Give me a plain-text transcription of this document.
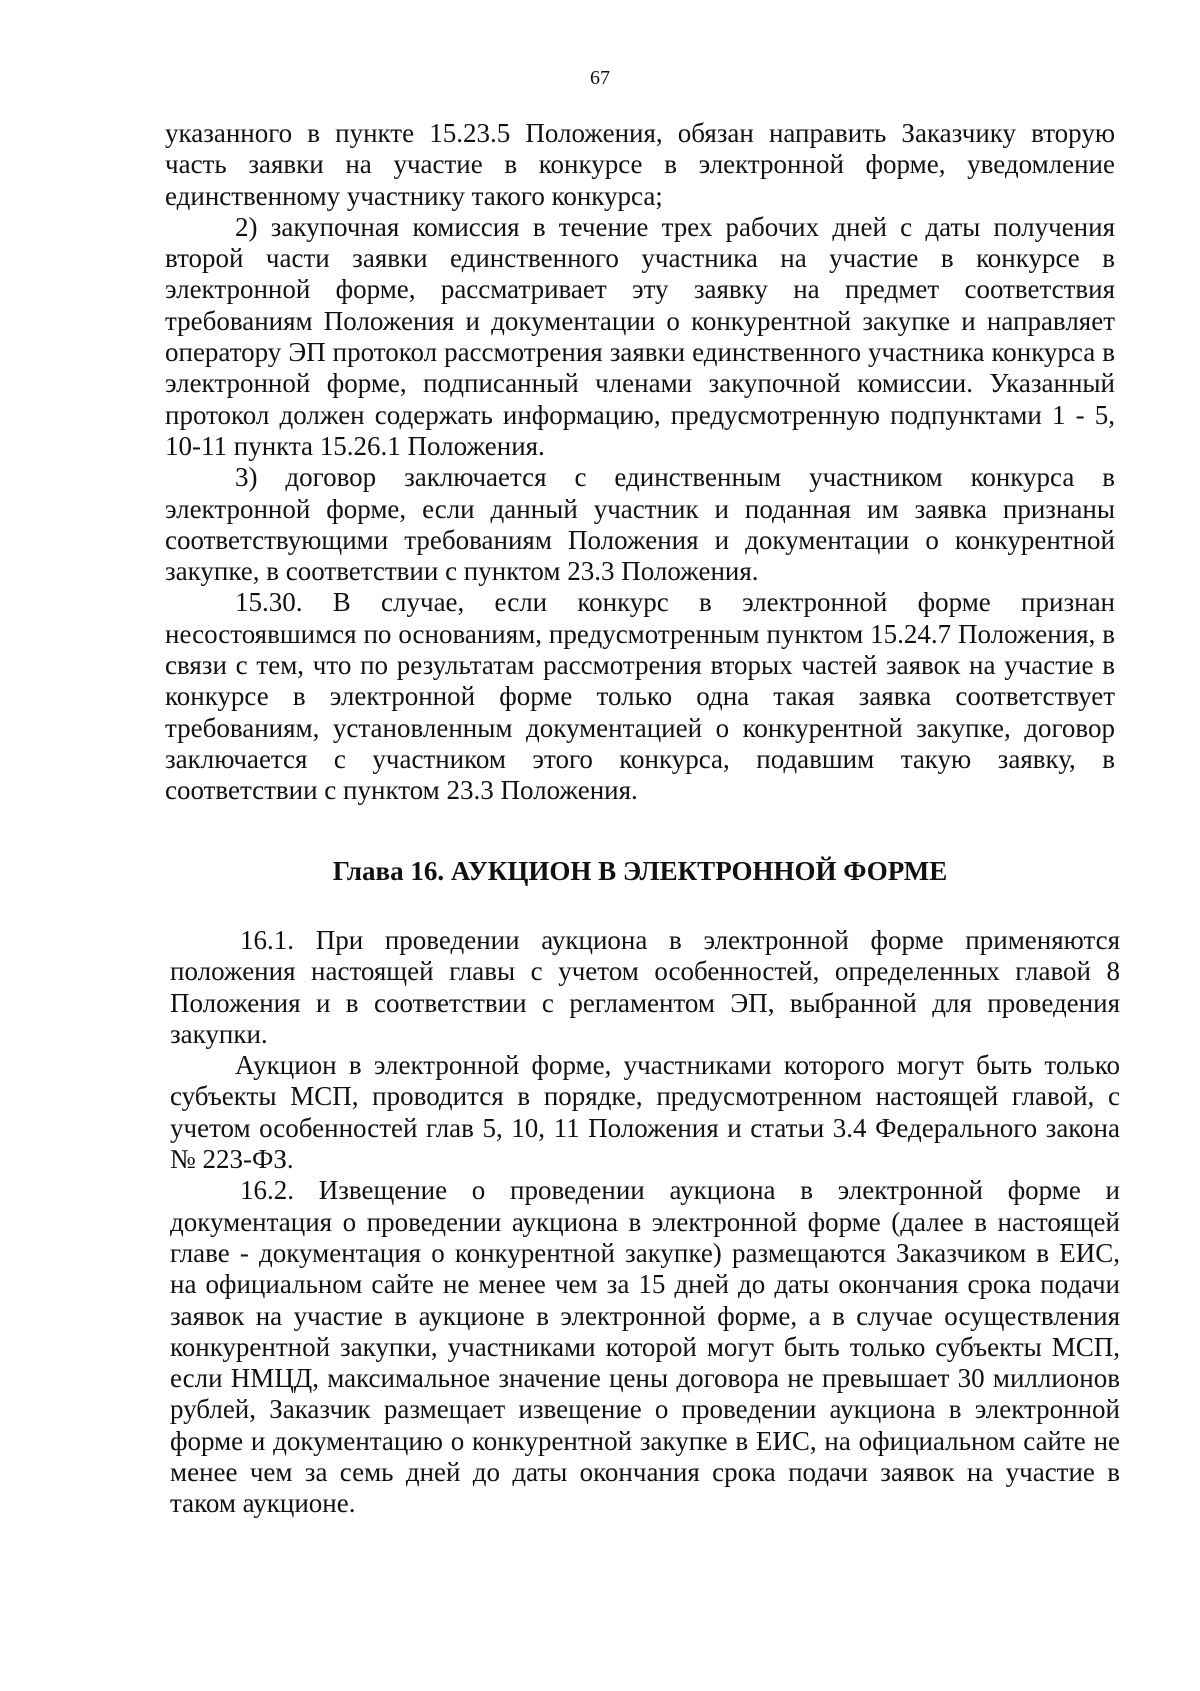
67

указанного в пункте 15.23.5 Положения, обязан направить Заказчику вторую часть заявки на участие в конкурсе в электронной форме, уведомление единственному участнику такого конкурса;

2) закупочная комиссия в течение трех рабочих дней с даты получения второй части заявки единственного участника на участие в конкурсе в электронной форме, рассматривает эту заявку на предмет соответствия требованиям Положения и документации о конкурентной закупке и направляет оператору ЭП протокол рассмотрения заявки единственного участника конкурса в электронной форме, подписанный членами закупочной комиссии. Указанный протокол должен содержать информацию, предусмотренную подпунктами 1 - 5, 10-11 пункта 15.26.1 Положения.

3) договор заключается с единственным участником конкурса в электронной форме, если данный участник и поданная им заявка признаны соответствующими требованиям Положения и документации о конкурентной закупке, в соответствии с пунктом 23.3 Положения.

15.30. В случае, если конкурс в электронной форме признан несостоявшимся по основаниям, предусмотренным пунктом 15.24.7 Положения, в связи с тем, что по результатам рассмотрения вторых частей заявок на участие в конкурсе в электронной форме только одна такая заявка соответствует требованиям, установленным документацией о конкурентной закупке, договор заключается с участником этого конкурса, подавшим такую заявку, в соответствии с пунктом 23.3 Положения.

Глава 16. АУКЦИОН В ЭЛЕКТРОННОЙ ФОРМЕ

16.1. При проведении аукциона в электронной форме применяются положения настоящей главы с учетом особенностей, определенных главой 8 Положения и в соответствии с регламентом ЭП, выбранной для проведения закупки.

Аукцион в электронной форме, участниками которого могут быть только субъекты МСП, проводится в порядке, предусмотренном настоящей главой, с учетом особенностей глав 5, 10, 11 Положения и статьи 3.4 Федерального закона № 223-ФЗ.

16.2. Извещение о проведении аукциона в электронной форме и документация о проведении аукциона в электронной форме (далее в настоящей главе - документация о конкурентной закупке) размещаются Заказчиком в ЕИС, на официальном сайте не менее чем за 15 дней до даты окончания срока подачи заявок на участие в аукционе в электронной форме, а в случае осуществления конкурентной закупки, участниками которой могут быть только субъекты МСП, если НМЦД, максимальное значение цены договора не превышает 30 миллионов рублей, Заказчик размещает извещение о проведении аукциона в электронной форме и документацию о конкурентной закупке в ЕИС, на официальном сайте не менее чем за семь дней до даты окончания срока подачи заявок на участие в таком аукционе.
